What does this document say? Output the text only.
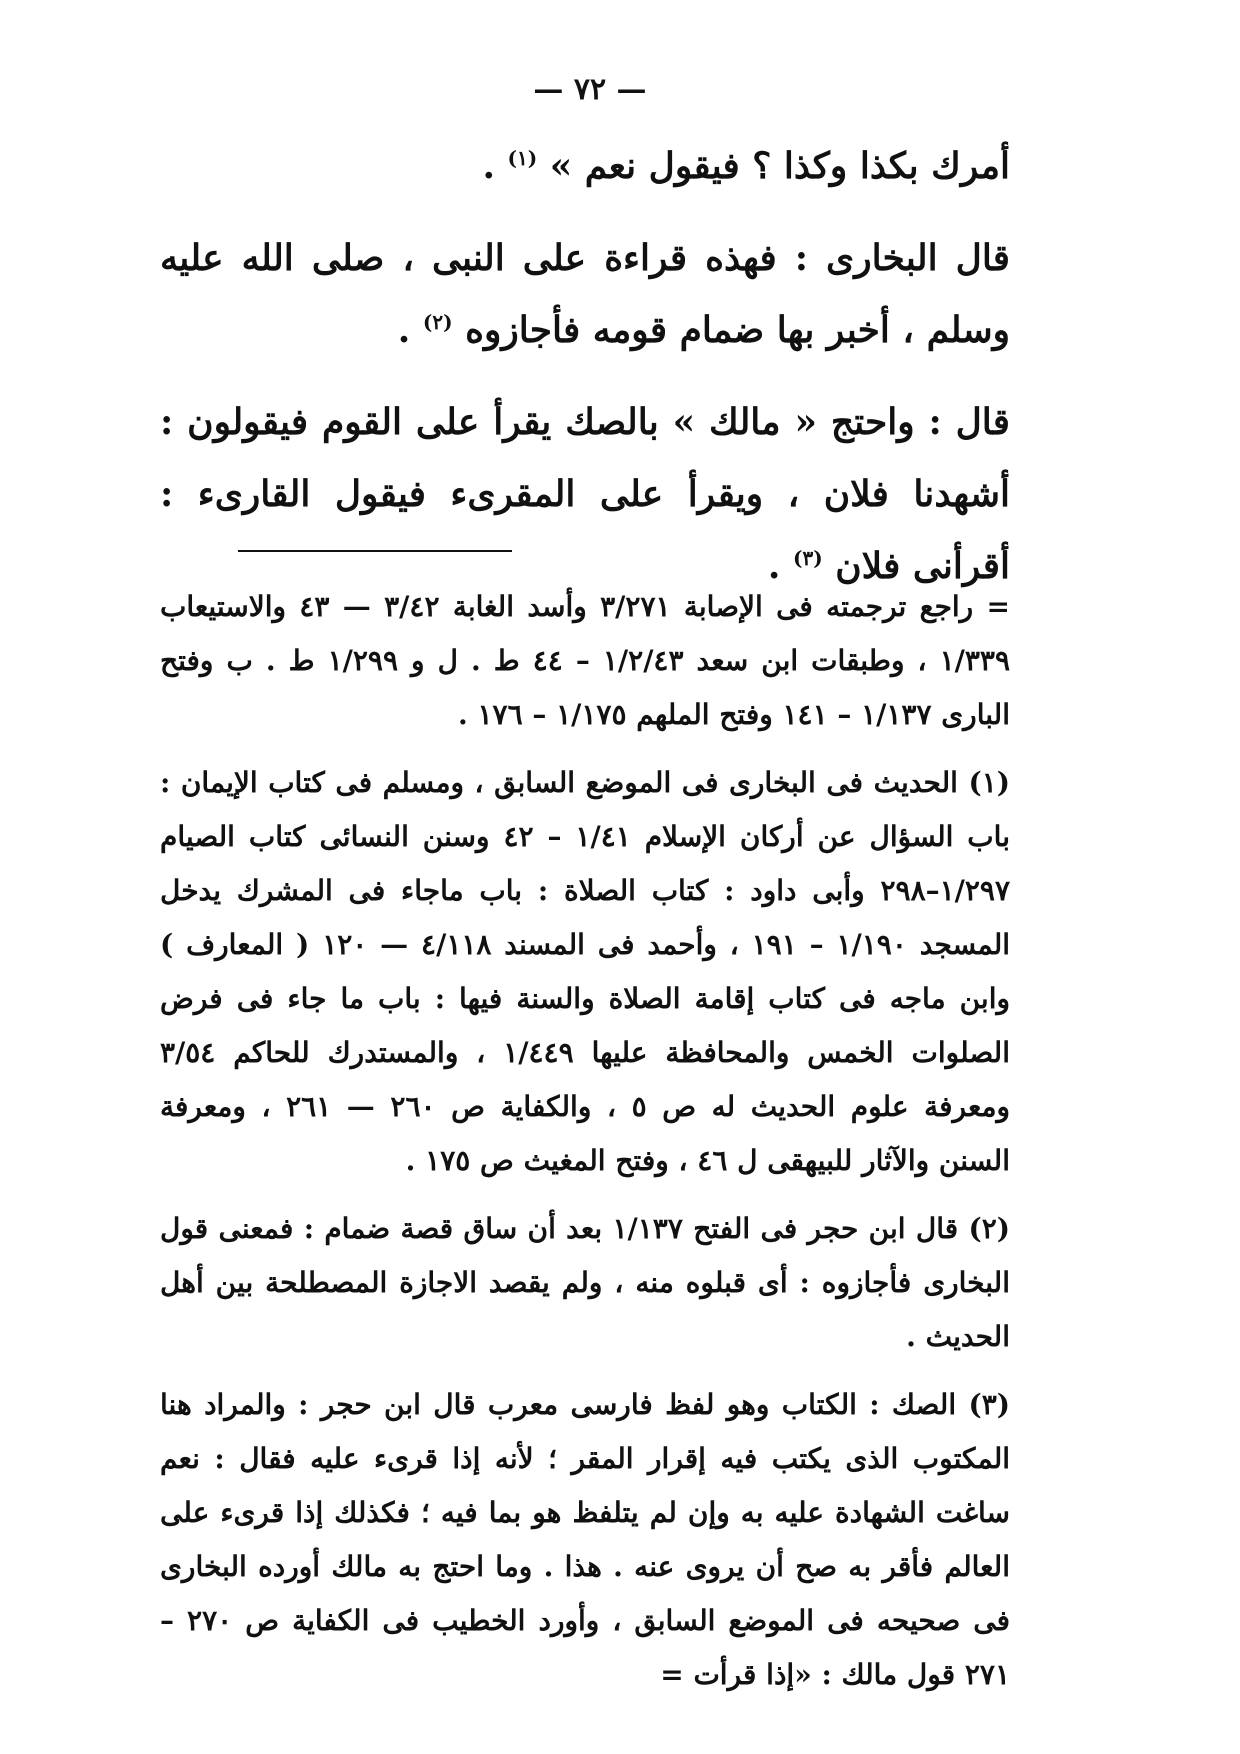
— ٧٢ —

أمرك بكذا وكذا ؟ فيقول نعم » $^{(١)}$ .

قال البخارى : فهذه قراءة على النبى ، صلى الله عليه وسلم ، أخبر بها ضمام قومه فأجازوه $^{(٢)}$ .

قال : واحتج « مالك » بالصك يقرأ على القوم فيقولون : أشهدنا فلان ، ويقرأ على المقرىء فيقول القارىء : أقرأنى فلان $^{(٣)}$ .

= راجع ترجمته فى الإصابة ٣/٢٧١ وأسد الغابة ٣/٤٢ — ٤٣ والاستيعاب ١/٣٣٩ ، وطبقات ابن سعد ١/٢/٤٣ – ٤٤ ط . ل و ١/٢٩٩ ط . ب وفتح البارى ١/١٣٧ – ١٤١ وفتح الملهم ١/١٧٥ – ١٧٦ .

(١) الحديث فى البخارى فى الموضع السابق ، ومسلم فى كتاب الإيمان : باب السؤال عن أركان الإسلام ١/٤١ – ٤٢ وسنن النسائى كتاب الصيام ١/٢٩٧–٢٩٨ وأبى داود : كتاب الصلاة : باب ماجاء فى المشرك يدخل المسجد ١/١٩٠ – ١٩١ ، وأحمد فى المسند ٤/١١٨ — ١٢٠ ( المعارف ) وابن ماجه فى كتاب إقامة الصلاة والسنة فيها : باب ما جاء فى فرض الصلوات الخمس والمحافظة عليها ١/٤٤٩ ، والمستدرك للحاكم ٣/٥٤ ومعرفة علوم الحديث له ص ٥ ، والكفاية ص ٢٦٠ — ٢٦١ ، ومعرفة السنن والآثار للبيهقى ل ٤٦ ، وفتح المغيث ص ١٧٥ .

(٢) قال ابن حجر فى الفتح ١/١٣٧ بعد أن ساق قصة ضمام : فمعنى قول البخارى فأجازوه : أى قبلوه منه ، ولم يقصد الاجازة المصطلحة بين أهل الحديث .

(٣) الصك : الكتاب وهو لفظ فارسى معرب قال ابن حجر : والمراد هنا المكتوب الذى يكتب فيه إقرار المقر ؛ لأنه إذا قرىء عليه فقال : نعم ساغت الشهادة عليه به وإن لم يتلفظ هو بما فيه ؛ فكذلك إذا قرىء على العالم فأقر به صح أن يروى عنه . هذا . وما احتج به مالك أورده البخارى فى صحيحه فى الموضع السابق ، وأورد الخطيب فى الكفاية ص ٢٧٠ – ٢٧١ قول مالك : «إذا قرأت =
